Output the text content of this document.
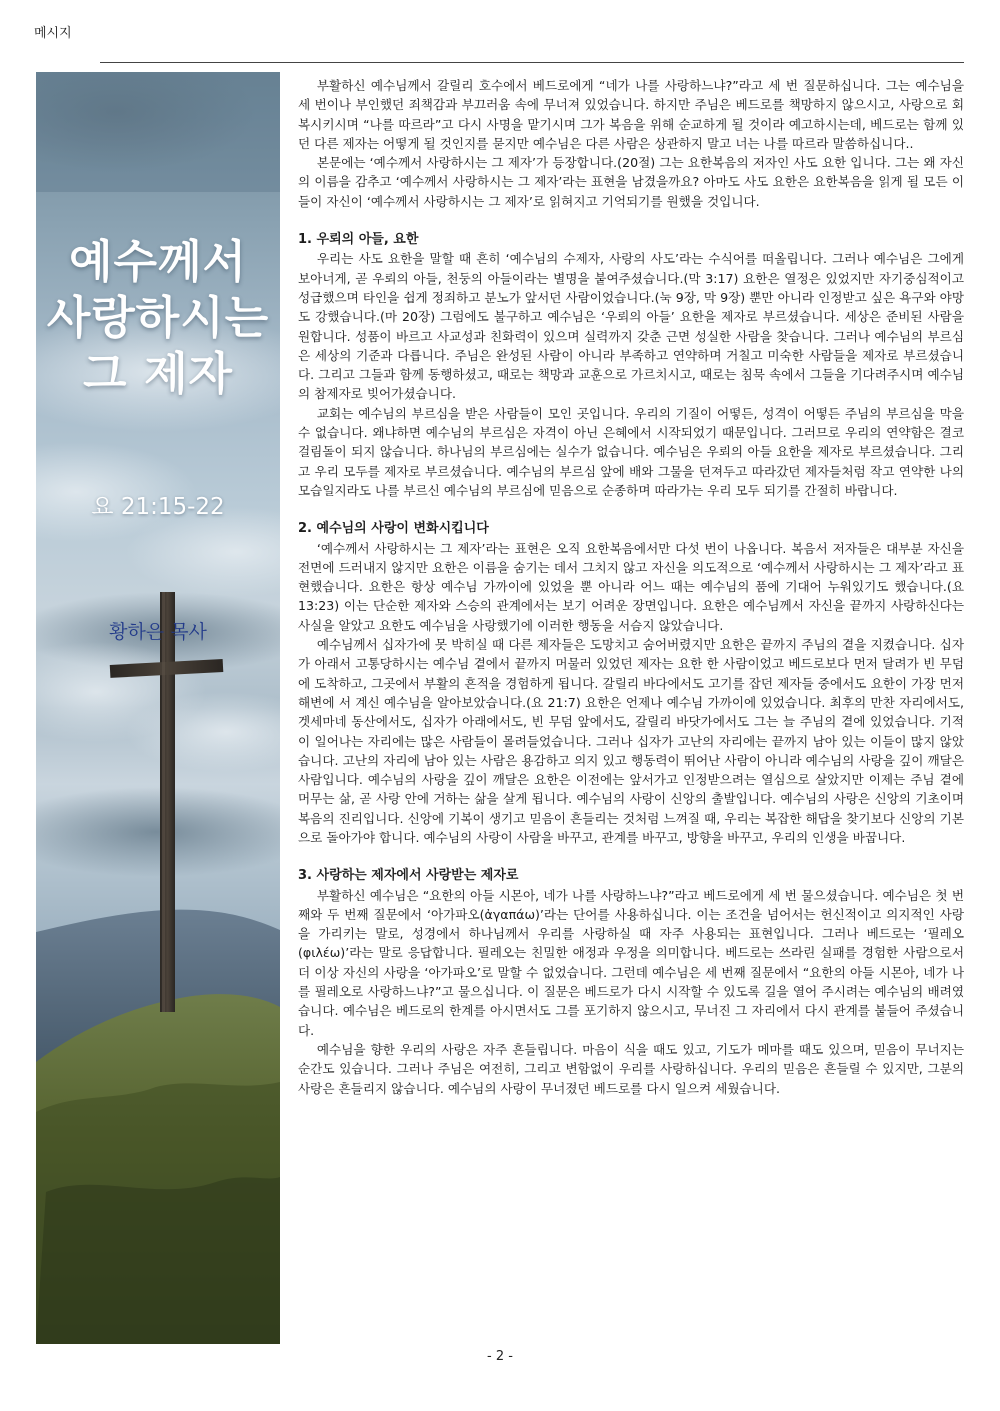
메시지
예수께서
사랑하시는
그 제자
요 21:15-22
황하은 목사

부활하신 예수님께서 갈릴리 호수에서 베드로에게 “네가 나를 사랑하느냐?”라고 세 번 질문하십니다. 그는 예수님을 세 번이나 부인했던 죄책감과 부끄러움 속에 무너져 있었습니다. 하지만 주님은 베드로를 책망하지 않으시고, 사랑으로 회복시키시며 “나를 따르라”고 다시 사명을 맡기시며 그가 복음을 위해 순교하게 될 것이라 예고하시는데, 베드로는 함께 있던 다른 제자는 어떻게 될 것인지를 묻지만 예수님은 다른 사람은 상관하지 말고 너는 나를 따르라 말씀하십니다..

본문에는 ‘예수께서 사랑하시는 그 제자’가 등장합니다.(20절) 그는 요한복음의 저자인 사도 요한 입니다. 그는 왜 자신의 이름을 감추고 ‘예수께서 사랑하시는 그 제자’라는 표현을 남겼을까요? 아마도 사도 요한은 요한복음을 읽게 될 모든 이들이 자신이 ‘예수께서 사랑하시는 그 제자’로 읽혀지고 기억되기를 원했을 것입니다.

1. 우뢰의 아들, 요한

우리는 사도 요한을 말할 때 흔히 ‘예수님의 수제자, 사랑의 사도’라는 수식어를 떠올립니다. 그러나 예수님은 그에게 보아너게, 곧 우뢰의 아들, 천둥의 아들이라는 별명을 붙여주셨습니다.(막 3:17) 요한은 열정은 있었지만 자기중심적이고 성급했으며 타인을 쉽게 정죄하고 분노가 앞서던 사람이었습니다.(눅 9장, 막 9장) 뿐만 아니라 인정받고 싶은 욕구와 야망도 강했습니다.(마 20장) 그럼에도 불구하고 예수님은 ‘우뢰의 아들’ 요한을 제자로 부르셨습니다. 세상은 준비된 사람을 원합니다. 성품이 바르고 사교성과 친화력이 있으며 실력까지 갖춘 근면 성실한 사람을 찾습니다. 그러나 예수님의 부르심은 세상의 기준과 다릅니다. 주님은 완성된 사람이 아니라 부족하고 연약하며 거칠고 미숙한 사람들을 제자로 부르셨습니다. 그리고 그들과 함께 동행하셨고, 때로는 책망과 교훈으로 가르치시고, 때로는 침묵 속에서 그들을 기다려주시며 예수님의 참제자로 빚어가셨습니다.

교회는 예수님의 부르심을 받은 사람들이 모인 곳입니다. 우리의 기질이 어떻든, 성격이 어떻든 주님의 부르심을 막을 수 없습니다. 왜냐하면 예수님의 부르심은 자격이 아닌 은혜에서 시작되었기 때문입니다. 그러므로 우리의 연약함은 결코 걸림돌이 되지 않습니다. 하나님의 부르심에는 실수가 없습니다. 예수님은 우뢰의 아들 요한을 제자로 부르셨습니다. 그리고 우리 모두를 제자로 부르셨습니다. 예수님의 부르심 앞에 배와 그물을 던져두고 따라갔던 제자들처럼 작고 연약한 나의 모습일지라도 나를 부르신 예수님의 부르심에 믿음으로 순종하며 따라가는 우리 모두 되기를 간절히 바랍니다.

2. 예수님의 사랑이 변화시킵니다

‘예수께서 사랑하시는 그 제자’라는 표현은 오직 요한복음에서만 다섯 번이 나옵니다. 복음서 저자들은 대부분 자신을 전면에 드러내지 않지만 요한은 이름을 숨기는 데서 그치지 않고 자신을 의도적으로 ‘예수께서 사랑하시는 그 제자’라고 표현했습니다. 요한은 항상 예수님 가까이에 있었을 뿐 아니라 어느 때는 예수님의 품에 기대어 누워있기도 했습니다.(요 13:23) 이는 단순한 제자와 스승의 관계에서는 보기 어려운 장면입니다. 요한은 예수님께서 자신을 끝까지 사랑하신다는 사실을 알았고 요한도 예수님을 사랑했기에 이러한 행동을 서슴지 않았습니다.

예수님께서 십자가에 못 박히실 때 다른 제자들은 도망치고 숨어버렸지만 요한은 끝까지 주님의 곁을 지켰습니다. 십자가 아래서 고통당하시는 예수님 곁에서 끝까지 머물러 있었던 제자는 요한 한 사람이었고 베드로보다 먼저 달려가 빈 무덤에 도착하고, 그곳에서 부활의 흔적을 경험하게 됩니다. 갈릴리 바다에서도 고기를 잡던 제자들 중에서도 요한이 가장 먼저 해변에 서 계신 예수님을 알아보았습니다.(요 21:7) 요한은 언제나 예수님 가까이에 있었습니다. 최후의 만찬 자리에서도, 겟세마네 동산에서도, 십자가 아래에서도, 빈 무덤 앞에서도, 갈릴리 바닷가에서도 그는 늘 주님의 곁에 있었습니다. 기적이 일어나는 자리에는 많은 사람들이 몰려들었습니다. 그러나 십자가 고난의 자리에는 끝까지 남아 있는 이들이 많지 않았습니다. 고난의 자리에 남아 있는 사람은 용감하고 의지 있고 행동력이 뛰어난 사람이 아니라 예수님의 사랑을 깊이 깨달은 사람입니다. 예수님의 사랑을 깊이 깨달은 요한은 이전에는 앞서가고 인정받으려는 열심으로 살았지만 이제는 주님 곁에 머무는 삶, 곧 사랑 안에 거하는 삶을 살게 됩니다. 예수님의 사랑이 신앙의 출발입니다. 예수님의 사랑은 신앙의 기초이며 복음의 진리입니다. 신앙에 기복이 생기고 믿음이 흔들리는 것처럼 느껴질 때, 우리는 복잡한 해답을 찾기보다 신앙의 기본으로 돌아가야 합니다. 예수님의 사랑이 사람을 바꾸고, 관계를 바꾸고, 방향을 바꾸고, 우리의 인생을 바꿉니다.

3. 사랑하는 제자에서 사랑받는 제자로

부활하신 예수님은 “요한의 아들 시몬아, 네가 나를 사랑하느냐?”라고 베드로에게 세 번 물으셨습니다. 예수님은 첫 번째와 두 번째 질문에서 ‘아가파오(ἀγαπάω)’라는 단어를 사용하십니다. 이는 조건을 넘어서는 헌신적이고 의지적인 사랑을 가리키는 말로, 성경에서 하나님께서 우리를 사랑하실 때 자주 사용되는 표현입니다. 그러나 베드로는 ‘필레오(φιλέω)’라는 말로 응답합니다. 필레오는 친밀한 애정과 우정을 의미합니다. 베드로는 쓰라린 실패를 경험한 사람으로서 더 이상 자신의 사랑을 ‘아가파오’로 말할 수 없었습니다. 그런데 예수님은 세 번째 질문에서 “요한의 아들 시몬아, 네가 나를 필레오로 사랑하느냐?”고 물으십니다. 이 질문은 베드로가 다시 시작할 수 있도록 길을 열어 주시려는 예수님의 배려였습니다. 예수님은 베드로의 한계를 아시면서도 그를 포기하지 않으시고, 무너진 그 자리에서 다시 관계를 붙들어 주셨습니다.

예수님을 향한 우리의 사랑은 자주 흔들립니다. 마음이 식을 때도 있고, 기도가 메마를 때도 있으며, 믿음이 무너지는 순간도 있습니다. 그러나 주님은 여전히, 그리고 변함없이 우리를 사랑하십니다. 우리의 믿음은 흔들릴 수 있지만, 그분의 사랑은 흔들리지 않습니다. 예수님의 사랑이 무너졌던 베드로를 다시 일으켜 세웠습니다.

- 2 -
